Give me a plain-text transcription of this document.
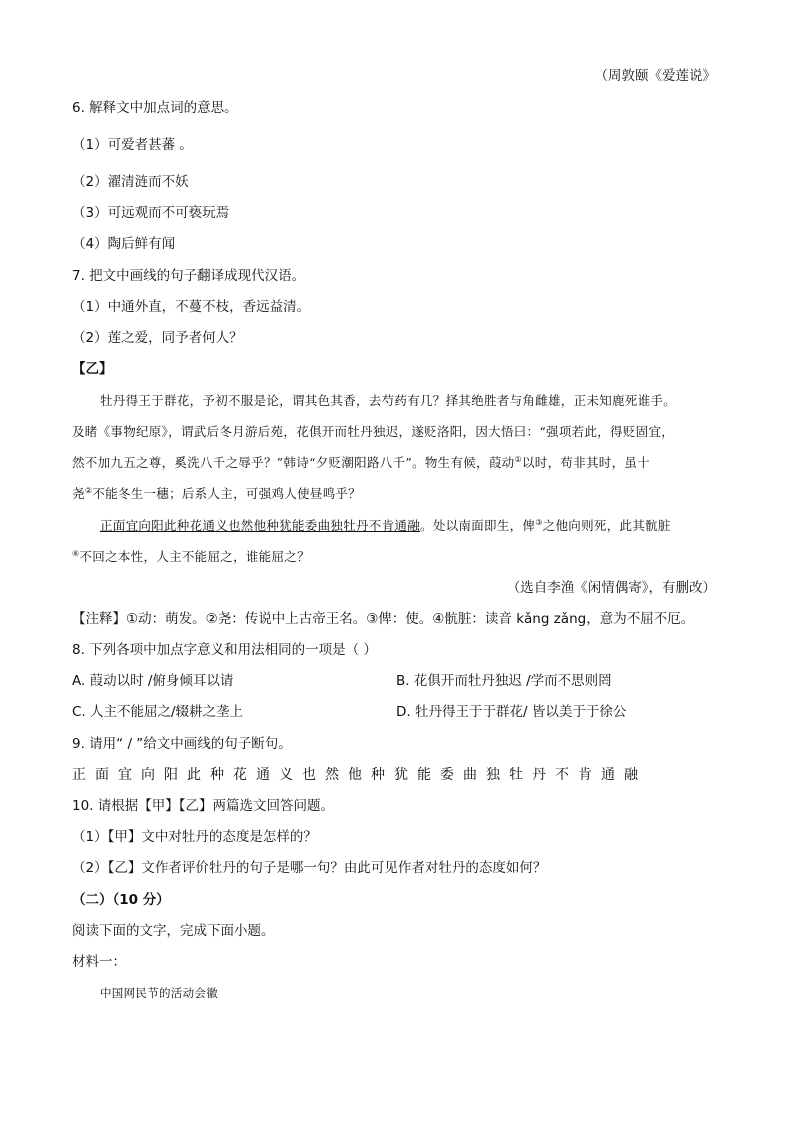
（周敦颐《爱莲说》
6. 解释文中加点词的意思。
（1）可爱者甚蕃 。
（2）濯清涟而不妖
（3）可远观而不可亵玩焉
（4）陶后鲜有闻
7. 把文中画线的句子翻译成现代汉语。
（1）中通外直，不蔓不枝，香远益清。
（2）莲之爱，同予者何人？
【乙】
牡丹得王于群花，予初不服是论，谓其色其香，去芍药有几？择其绝胜者与角雌雄，正未知鹿死谁手。
及睹《事物纪原》，谓武后冬月游后苑，花俱开而牡丹独迟，遂贬洛阳，因大悟曰：“强项若此，得贬固宜，
然不加九五之尊，奚洗八千之辱乎？”韩诗“夕贬潮阳路八千”。物生有候，葭动①以时，苟非其时，虽十
尧②不能冬生一穗；后系人主，可强鸡人使昼鸣乎？
正面宜向阳此种花通义也然他种犹能委曲独牡丹不肯通融。处以南面即生，俾③之他向则死，此其骯脏
④不回之本性，人主不能屈之，谁能屈之？
（选自李渔《闲情偶寄》，有删改）
【注释】①动：萌发。②尧：传说中上古帝王名。③俾：使。④骯脏：读音 kǎng zǎng，意为不屈不厄。
8. 下列各项中加点字意义和用法相同的一项是（ ）
A. 葭动以时 /俯身倾耳以请	B. 花俱开而牡丹独迟 /学而不思则罔
C. 人主不能屈之/辍耕之垄上	D. 牡丹得王于于群花/ 皆以美于于徐公
9. 请用“ / ”给文中画线的句子断句。
正面宜向阳此种花通义也然他种犹能委曲独牡丹不肯通融
10. 请根据【甲】【乙】两篇选文回答问题。
（1）【甲】文中对牡丹的态度是怎样的？
（2）【乙】文作者评价牡丹的句子是哪一句？由此可见作者对牡丹的态度如何？
（二）（10 分）
阅读下面的文字，完成下面小题。
材料一：
中国网民节的活动会徽
